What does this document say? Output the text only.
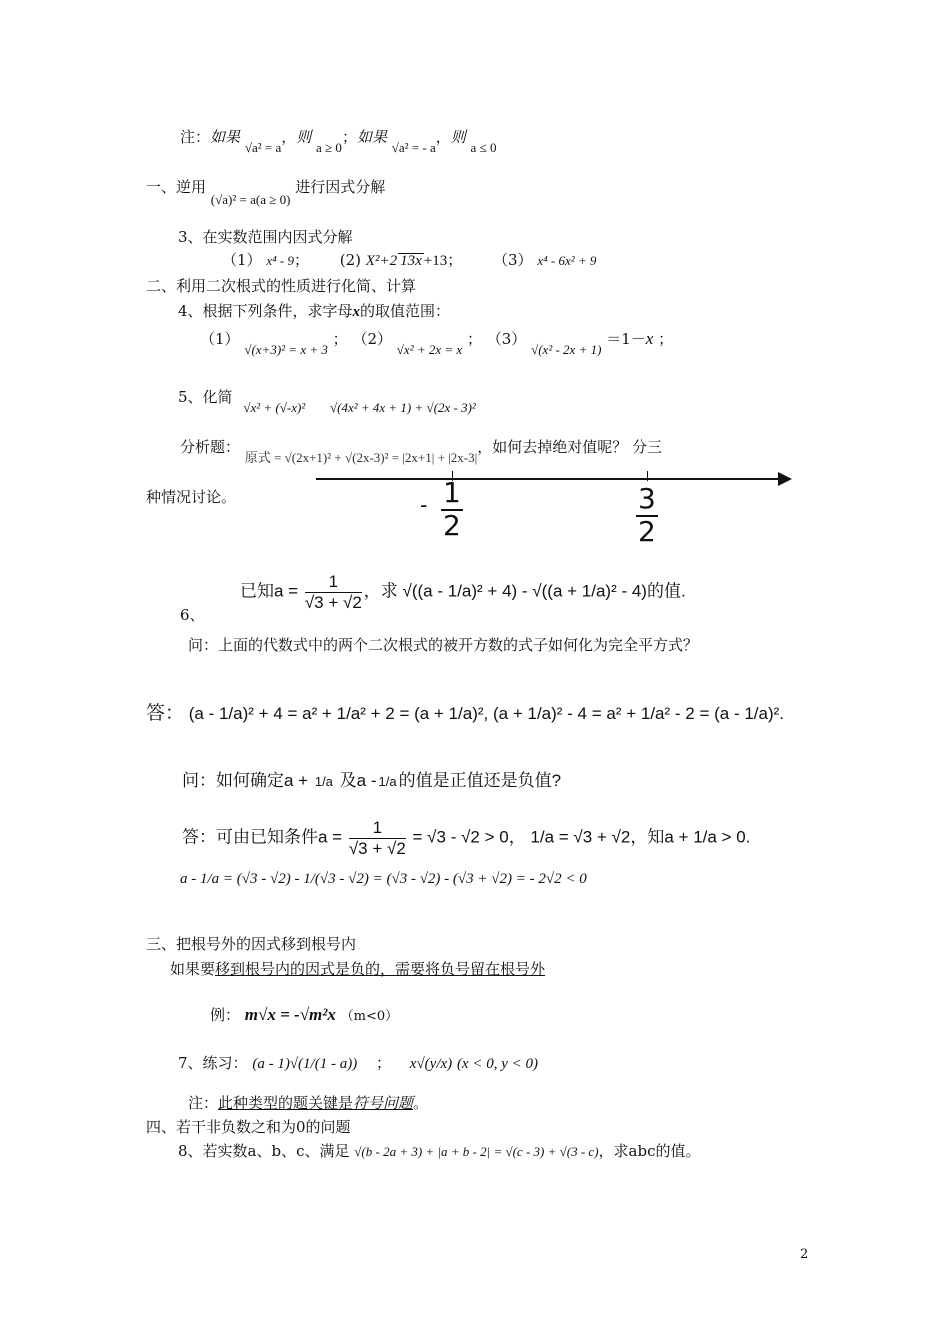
注：如果 √a² = a，则 a ≥ 0；如果 √a² = - a，则 a ≤ 0
一、逆用 (√a)² = a(a ≥ 0) 进行因式分解
3、在实数范围内因式分解
（1） x⁴ - 9； (2) X²+2 13x +13； （3） x⁴ - 6x² + 9
二、利用二次根式的性质进行化简、计算
4、根据下列条件，求字母x的取值范围：
（1） √(x+3)² = x + 3 ； （2） √x² + 2x = x ； （3） √(x² - 2x + 1) ＝1－x ；
5、化简 √x² + (√-x)² √(4x² + 4x + 1) + √(2x - 3)²
分析题： 原式 = √(2x+1)² + √(2x-3)² = |2x+1| + |2x-3|，如何去掉绝对值呢？ 分三
种情况讨论。	- $\frac{1}{2}$	$\frac{3}{2}$
已知$a = \frac{1}{√3 + √2}$ ，求 √((a - 1/a)² + 4) - √((a + 1/a)² - 4)的值.
6、
问：上面的代数式中的两个二次根式的被开方数的式子如何化为完全平方式？
答： (a - 1/a)² + 4 = a² + 1/a² + 2 = (a + 1/a)², (a + 1/a)² - 4 = a² + 1/a² - 2 = (a - 1/a)².
问：如何确定a + 1/a 及a - 1/a 的值是正值还是负值?
答：可由已知条件$a = \frac{1}{√3 + √2} = √3 - √2 > 0$， 1/a = √3 + √2，知a + 1/a > 0.
a - 1/a = (√3 - √2) - 1/(√3 - √2) = (√3 - √2) - (√3 + √2) = - 2√2 < 0
三、把根号外的因式移到根号内
如果要移到根号内的因式是负的，需要将负号留在根号外
例： m√x = -√m²x （m<0）
7、练习： (a - 1)√(1/(1 - a)) ； x√(y/x) (x < 0, y < 0)
注：此种类型的题关键是符号问题。
四、若干非负数之和为0的问题
8、若实数a、b、c、满足 √(b - 2a + 3) + |a + b - 2| = √(c - 3) + √(3 - c)，求abc的值。
2
